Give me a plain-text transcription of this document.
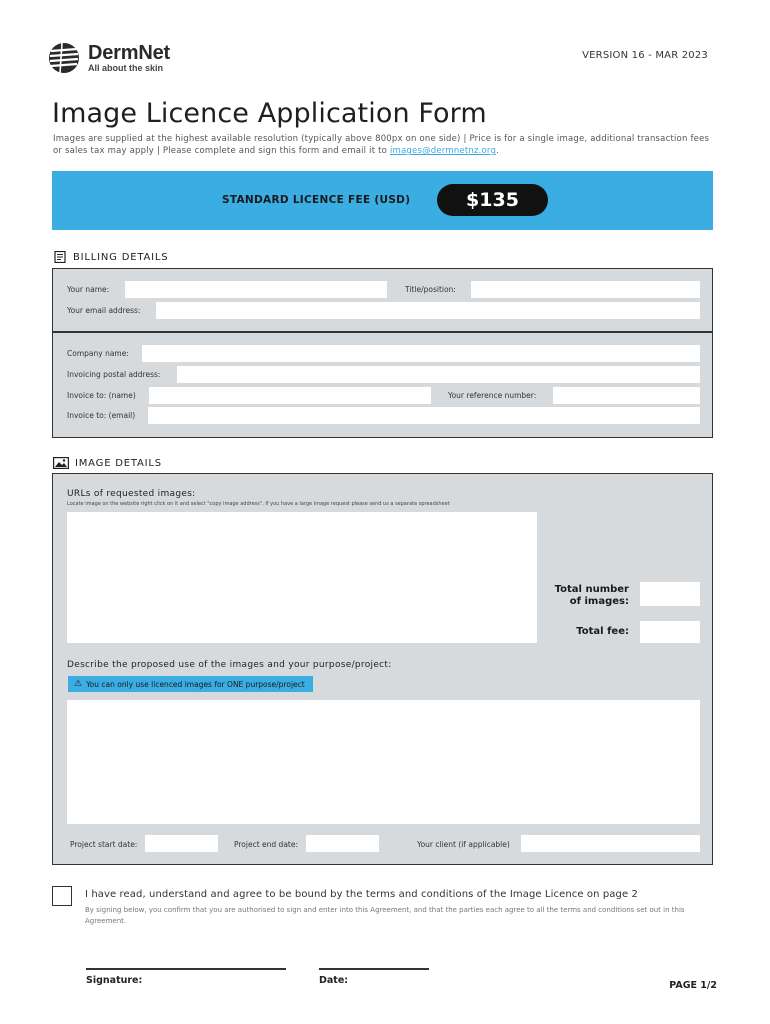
DermNet
All about the skin
VERSION 16 - MAR 2023
Image Licence Application Form
Images are supplied at the highest available resolution (typically above 800px on one side) | Price is for a single image, additional transaction fees or sales tax may apply | Please complete and sign this form and email it to images@dermnetnz.org.
STANDARD LICENCE FEE (USD)	$135
BILLING DETAILS
Your name:	Title/position:
Your email address:
Company name:
Invoicing postal address:
Invoice to: (name)	Your reference number:
Invoice to: (email)
IMAGE DETAILS
URLs of requested images:
Locate image on the website right click on it and select "copy image address". If you have a large image request please send us a separate spreadsheet
Total number of images:
Total fee:
Describe the proposed use of the images and your purpose/project:
⚠ You can only use licenced images for ONE purpose/project
Project start date:	Project end date:	Your client (if applicable)
I have read, understand and agree to be bound by the terms and conditions of the Image Licence on page 2
By signing below, you confirm that you are authorised to sign and enter into this Agreement, and that the parties each agree to all the terms and conditions set out in this Agreement.
Signature:	Date:	PAGE 1/2
